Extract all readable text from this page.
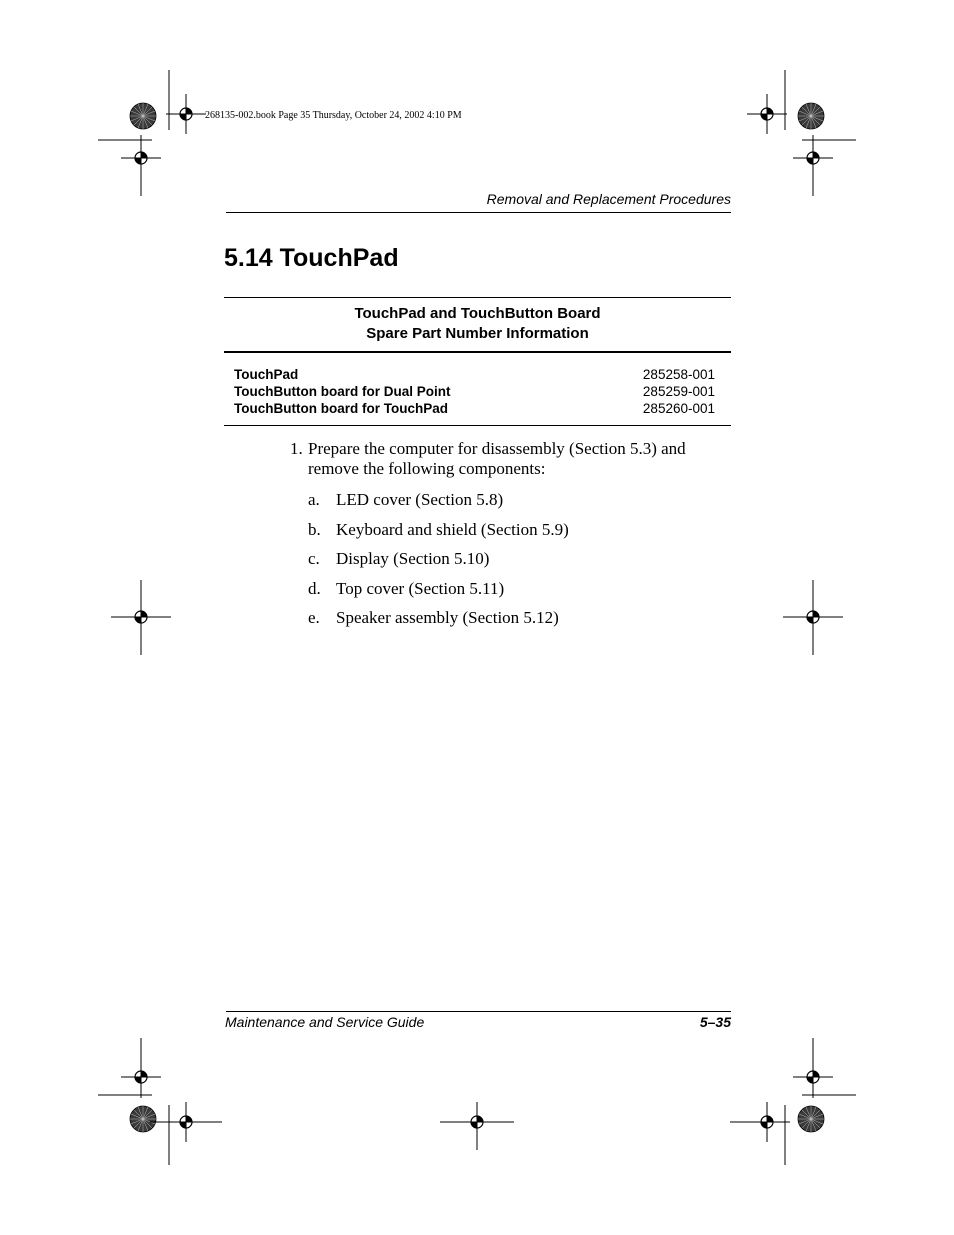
268135-002.book Page 35 Thursday, October 24, 2002 4:10 PM
Removal and Replacement Procedures
5.14 TouchPad
TouchPad and TouchButton Board
Spare Part Number Information
TouchPad	285258-001
TouchButton board for Dual Point	285259-001
TouchButton board for TouchPad	285260-001
1. Prepare the computer for disassembly (Section 5.3) and remove the following components:
a. LED cover (Section 5.8)
b. Keyboard and shield (Section 5.9)
c. Display (Section 5.10)
d. Top cover (Section 5.11)
e. Speaker assembly (Section 5.12)
Maintenance and Service Guide	5–35
